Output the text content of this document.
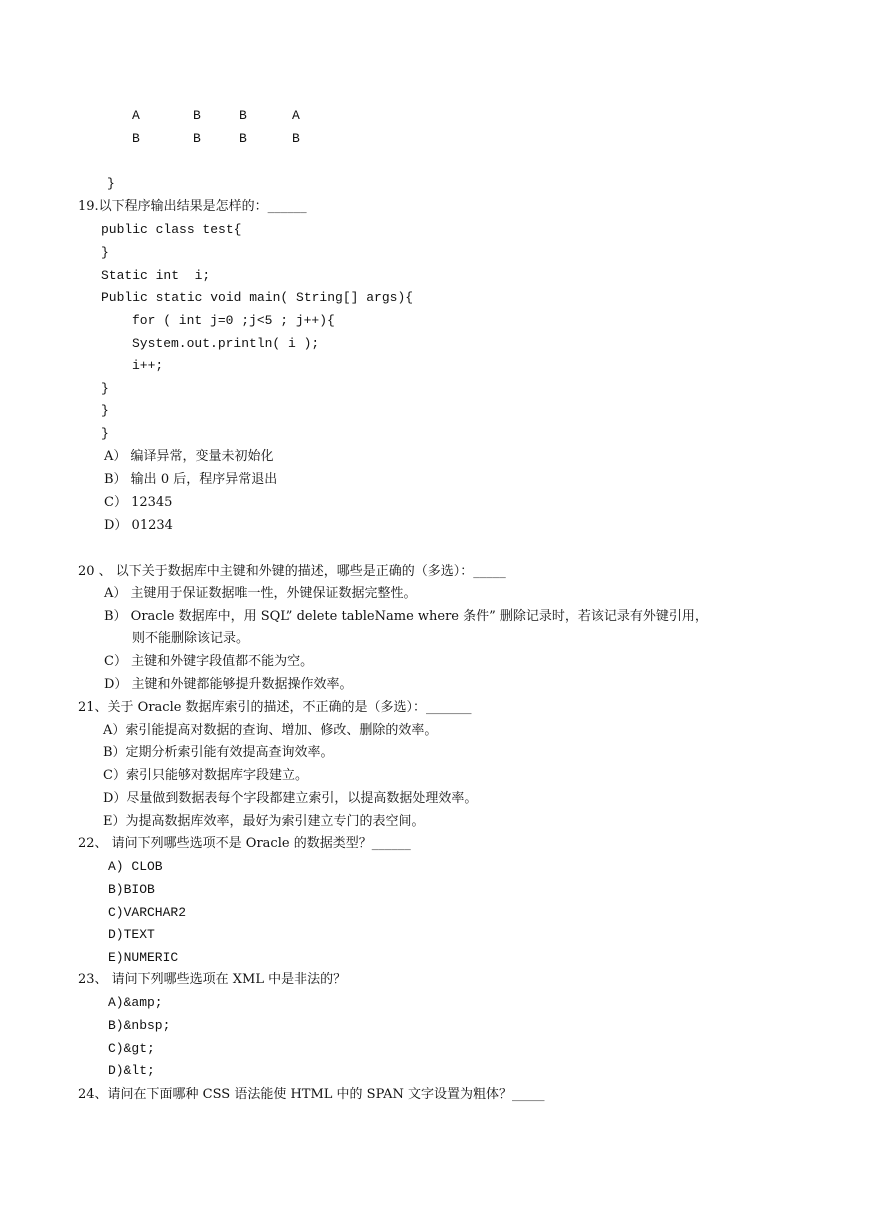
A	B	B	A
B	B	B	B
}
19.以下程序输出结果是怎样的：______
public class test{
}
Static int  i;
Public static void main( String[] args){
for ( int j=0 ;j<5 ; j++){
System.out.println( i );
i++;
}
}
}
A） 编译异常，变量未初始化
B） 输出 0 后，程序异常退出
C） 12345
D） 01234
20 、 以下关于数据库中主键和外键的描述，哪些是正确的（多选）：_____
A） 主键用于保证数据唯一性，外键保证数据完整性。
B） Oracle 数据库中，用 SQL” delete tableName where 条件” 删除记录时，若该记录有外键引用，
则不能删除该记录。
C） 主键和外键字段值都不能为空。
D） 主键和外键都能够提升数据操作效率。
21、关于 Oracle 数据库索引的描述，不正确的是（多选）：_______
A）索引能提高对数据的查询、增加、修改、删除的效率。
B）定期分析索引能有效提高查询效率。
C）索引只能够对数据库字段建立。
D）尽量做到数据表每个字段都建立索引，以提高数据处理效率。
E）为提高数据库效率，最好为索引建立专门的表空间。
22、 请问下列哪些选项不是 Oracle 的数据类型？______
A) CLOB
B)BIOB
C)VARCHAR2
D)TEXT
E)NUMERIC
23、 请问下列哪些选项在 XML 中是非法的？
A)&amp;
B)&nbsp;
C)&gt;
D)&lt;
24、请问在下面哪种 CSS 语法能使 HTML 中的 SPAN 文字设置为粗体？_____
